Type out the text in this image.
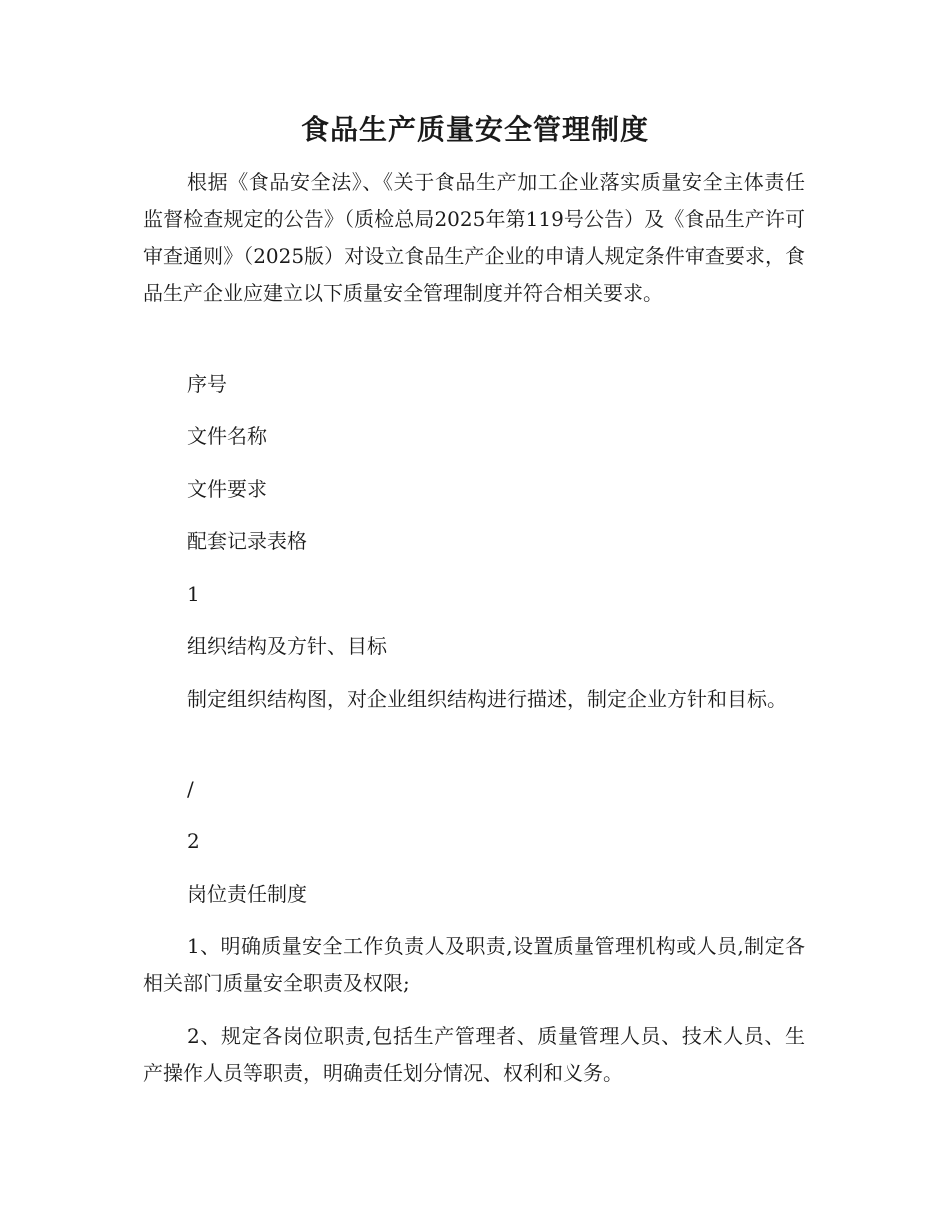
食品生产质量安全管理制度

根据《食品安全法》、《关于食品生产加工企业落实质量安全主体责任监督检查规定的公告》（质检总局2025年第119号公告）及《食品生产许可审查通则》（2025版）对设立食品生产企业的申请人规定条件审查要求，食品生产企业应建立以下质量安全管理制度并符合相关要求。

序号

文件名称

文件要求

配套记录表格

1

组织结构及方针、目标

制定组织结构图，对企业组织结构进行描述，制定企业方针和目标。

/

2

岗位责任制度

1、明确质量安全工作负责人及职责,设置质量管理机构或人员,制定各相关部门质量安全职责及权限;

2、规定各岗位职责,包括生产管理者、质量管理人员、技术人员、生产操作人员等职责，明确责任划分情况、权利和义务。
